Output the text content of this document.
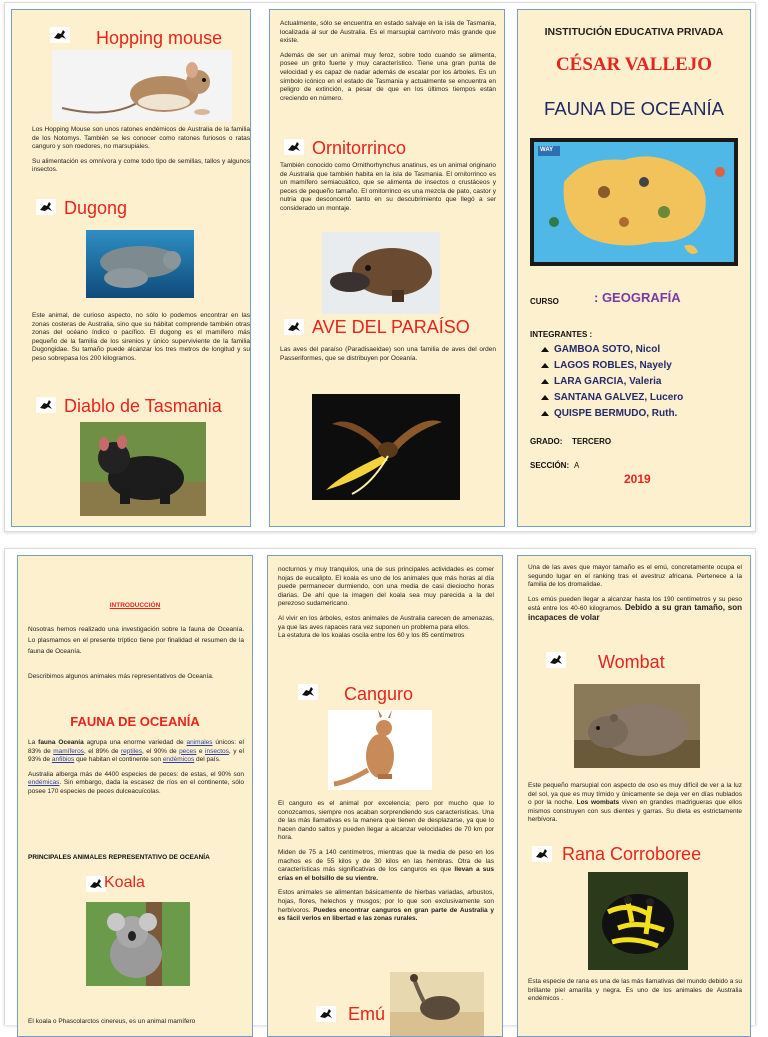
Hopping mouse

Los Hopping Mouse son unos ratones endémicos de Australia de la familia de los Notomys. También se les conocer como ratones furiosos o ratas canguro y son roedores, no marsupiales.

Su alimentación es omnívora y come todo tipo de semillas, tallos y algunos insectos.

Dugong
Este animal, de curioso aspecto, no sólo lo podemos encontrar en las zonas costeras de Australia, sino que su hábitat comprende también otras zonas del océano índico o pacífico. El dugong es el mamífero más pequeño de la familia de los sirenios y único superviviente de la familia Dugongidae. Su tamaño puede alcanzar los tres metros de longitud y su peso sobrepasa los 200 kilogramos.
Diablo de Tasmania

Actualmente, sólo se encuentra en estado salvaje en la isla de Tasmania, localizada al sur de Australia. Es el marsupial carnívoro más grande que existe.

Además de ser un animal muy feroz, sobre todo cuando se alimenta, posee un grito fuerte y muy característico. Tiene una gran punta de velocidad y es capaz de nadar además de escalar por los árboles. Es un símbolo icónico en el estado de Tasmania y actualmente se encuentra en peligro de extinción, a pesar de que en los últimos tiempos están creciendo en número.

Ornitorrinco
También conocido como Ornithorhynchus anatinus, es un animal originario de Australia que también habita en la isla de Tasmania. El ornitorrinco es un mamífero semiacuático, que se alimenta de insectos o crustáceos y peces de pequeño tamaño. El ornitorrinco es una mezcla de pato, castor y nutria que desconcertó tanto en su descubrimiento que llegó a ser considerado un montaje.
AVE DEL PARAÍSO
Las aves del paraíso (Paradisaeidae) son una familia de aves del orden Passeriformes, que se distribuyen por Oceanía.
INSTITUCIÓN EDUCATIVA PRIVADA
CÉSAR VALLEJO
FAUNA DE OCEANÍA
WAY
CURSO	: GEOGRAFÍA
INTEGRANTES :
GAMBOA SOTO, Nicol
LAGOS ROBLES, Nayely
LARA GARCIA, Valeria
SANTANA GALVEZ, Lucero
QUISPE BERMUDO, Ruth.
GRADO: TERCERO
SECCIÓN: A
2019
INTRODUCCIÓN

Nosotras hemos realizado una investigación sobre la fauna de Oceanía. Lo plasmamos en el presente tríptico tiene por finalidad el resumen de la fauna de Oceanía.

Describimos algunos animales más representativos de Oceanía.

FAUNA DE OCEANÍA

La fauna Oceanía agrupa una enorme variedad de animales únicos: el 83% de mamíferos, el 89% de reptiles, el 90% de peces e insectos, y el 93% de anfibios que habitan el continente son endémicos del país.

Australia alberga más de 4400 especies de peces: de estas, el 90% son endémicas. Sin embargo, dada la escasez de ríos en el continente, sólo posee 170 especies de peces dulceacuícolas.

PRINCIPALES ANIMALES REPRESENTATIVO DE OCEANÍA
Koala
El koala o Phascolarctos cinereus, es un animal mamífero

nocturnos y muy tranquilos, una de sus principales actividades es comer hojas de eucalipto. El koala es uno de los animales que más horas al día puede permanecer durmiendo, con una media de casi dieciocho horas diarias. De ahí que la imagen del koala sea muy parecida a la del perezoso sudamericano.

Al vivir en los árboles, estos animales de Australia carecen de amenazas, ya que las aves rapaces rara vez suponen un problema para ellos.

La estatura de los koalas oscila entre los 60 y los 85 centímetros

Canguro

El canguro es el animal por excelencia; pero por mucho que lo conozcamos, siempre nos acaban sorprendiendo sus características. Una de las más llamativas es la manera que tienen de desplazarse, ya que lo hacen dando saltos y pueden llegar a alcanzar velocidades de 70 km por hora.

Miden de 75 a 140 centímetros, mientras que la media de peso en los machos es de 55 kilos y de 30 kilos en las hembras. Otra de las características más significativas de los canguros es que llevan a sus crías en el bolsillo de su vientre.

Estos animales se alimentan básicamente de hierbas variadas, arbustos, hojas, flores, helechos y musgos; por lo que son exclusivamente son herbívoros. Puedes encontrar canguros en gran parte de Australia y es fácil verlos en libertad e las zonas rurales.

Emú

Una de las aves que mayor tamaño es el emú, concretamente ocupa el segundo lugar en el ranking tras el avestruz africana. Pertenece a la familia de los dromaíidae.

Los emús pueden llegar a alcanzar hasta los 190 centímetros y su peso está entre los 40-60 kilogramos. Debido a su gran tamaño, son incapaces de volar

Wombat

Este pequeño marsupial con aspecto de oso es muy difícil de ver a la luz del sol, ya que es muy tímido y únicamente se deja ver en días nublados o por la noche. Los wombats viven en grandes madrigueras que ellos mismos construyen con sus dientes y garras. Su dieta es estrictamente herbívora.

Rana Corroboree
Esta especie de rana es una de las más llamativas del mundo debido a su brillante piel amarilla y negra. Es uno de los animales de Australia endémicos .
